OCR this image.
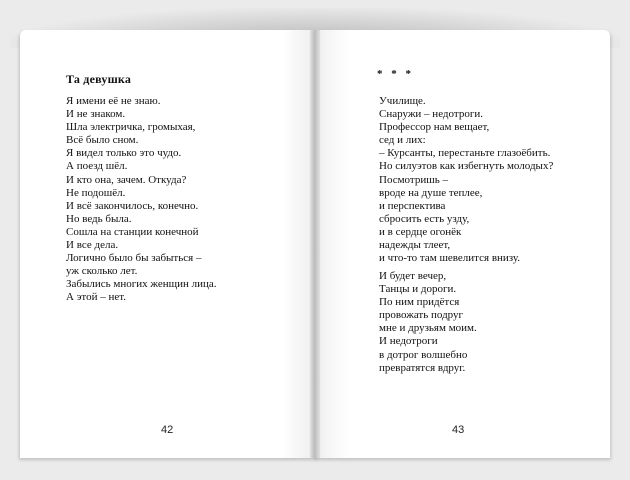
Та девушка
Я имени её не знаю.
И не знаком.
Шла электричка, громыхая,
Всё было сном.
Я видел только это чудо.
А поезд шёл.
И кто она, зачем. Откуда?
Не подошёл.
И всё закончилось, конечно.
Но ведь была.
Сошла на станции конечной
И все дела.
Логично было бы забыться –
уж сколько лет.
Забылись многих женщин лица.
А этой – нет.
42
* * *
Училище.
Снаружи – недотроги.
Профессор нам вещает,
сед и лих:
– Курсанты, перестаньте глазоёбить.
Но силуэтов как избегнуть молодых?
Посмотришь –
вроде на душе теплее,
и перспектива
сбросить есть узду,
и в сердце огонёк
надежды тлеет,
и что-то там шевелится внизу.
И будет вечер,
Танцы и дороги.
По ним придётся
провожать подруг
мне и друзьям моим.
И недотроги
в дотрог волшебно
превратятся вдруг.
43
